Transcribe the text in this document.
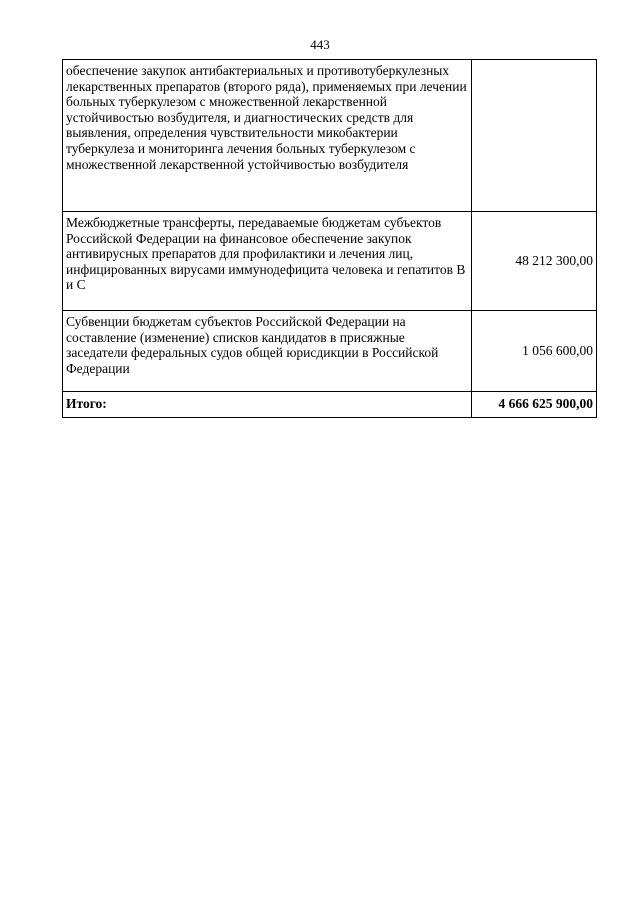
443
обеспечение закупок антибактериальных и противотуберкулезных лекарственных препаратов (второго ряда), применяемых при лечении больных туберкулезом с множественной лекарственной устойчивостью возбудителя, и диагностических средств для выявления, определения чувствительности микобактерии туберкулеза и мониторинга лечения больных туберкулезом с множественной лекарственной устойчивостью возбудителя	
Межбюджетные трансферты, передаваемые бюджетам субъектов Российской Федерации на финансовое обеспечение закупок антивирусных препаратов для профилактики и лечения лиц, инфицированных вирусами иммунодефицита человека и гепатитов В и С	48 212 300,00
Субвенции бюджетам субъектов Российской Федерации на составление (изменение) списков кандидатов в присяжные заседатели федеральных судов общей юрисдикции в Российской Федерации	1 056 600,00
Итого:	4 666 625 900,00
